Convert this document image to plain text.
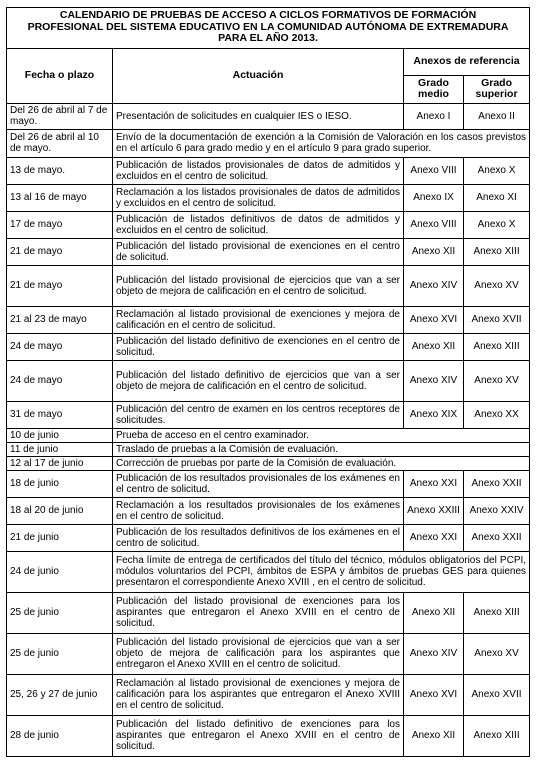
CALENDARIO DE PRUEBAS DE ACCESO A CICLOS FORMATIVOS DE FORMACIÓN PROFESIONAL DEL SISTEMA EDUCATIVO EN LA COMUNIDAD AUTÓNOMA DE EXTREMADURA PARA EL AÑO 2013.			
Fecha o plazo	Actuación	Anexos de referencia	
		Grado medio	Grado superior
Del 26 de abril al 7 de mayo.	Presentación de solicitudes en cualquier IES o IESO.	Anexo I	Anexo II
Del 26 de abril al 10 de mayo.	Envío de la documentación de exención a la Comisión de Valoración en los casos previstos en el artículo 6 para grado medio y en el artículo 9 para grado superior.		
13 de mayo.	Publicación de listados provisionales de datos de admitidos y excluidos en el centro de solicitud.	Anexo VIII	Anexo X
13 al 16 de mayo	Reclamación a los listados provisionales de datos de admitidos y excluidos en el centro de solicitud.	Anexo IX	Anexo XI
17 de mayo	Publicación de listados definitivos de datos de admitidos y excluidos en el centro de solicitud.	Anexo VIII	Anexo X
21 de mayo	Publicación del listado provisional de exenciones en el centro de solicitud.	Anexo XII	Anexo XIII
21 de mayo	Publicación del listado provisional de ejercicios que van a ser objeto de mejora de calificación en el centro de solicitud.	Anexo XIV	Anexo XV
21 al 23 de mayo	Reclamación al listado provisional de exenciones y mejora de calificación en el centro de solicitud.	Anexo XVI	Anexo XVII
24 de mayo	Publicación del listado definitivo de exenciones en el centro de solicitud.	Anexo XII	Anexo XIII
24 de mayo	Publicación del listado definitivo de ejercicios que van a ser objeto de mejora de calificación en el centro de solicitud.	Anexo XIV	Anexo XV
31 de mayo	Publicación del centro de examen en los centros receptores de solicitudes.	Anexo XIX	Anexo XX
10 de junio	Prueba de acceso en el centro examinador.		
11 de junio	Traslado de pruebas a la Comisión de evaluación.		
12 al 17 de junio	Corrección de pruebas por parte de la Comisión de evaluación.		
18 de junio	Publicación de los resultados provisionales de los exámenes en el centro de solicitud.	Anexo XXI	Anexo XXII
18 al 20 de junio	Reclamación a los resultados provisionales de los exámenes en el centro de solicitud.	Anexo XXIII	Anexo XXIV
21 de junio	Publicación de los resultados definitivos de los exámenes en el centro de solicitud.	Anexo XXI	Anexo XXII
24 de junio	Fecha límite de entrega de certificados del título del técnico, módulos obligatorios del PCPI, módulos voluntarios del PCPI, ámbitos de ESPA y ámbitos de pruebas GES para quienes presentaron el correspondiente Anexo XVIII , en el centro de solicitud.		
25 de junio	Publicación del listado provisional de exenciones para los aspirantes que entregaron el Anexo XVIII en el centro de solicitud.	Anexo XII	Anexo XIII
25 de junio	Publicación del listado provisional de ejercicios que van a ser objeto de mejora de calificación para los aspirantes que entregaron el Anexo XVIII en el centro de solicitud.	Anexo XIV	Anexo XV
25, 26 y 27 de junio	Reclamación al listado provisional de exenciones y mejora de calificación para los aspirantes que entregaron el Anexo XVIII en el centro de solicitud.	Anexo XVI	Anexo XVII
28 de junio	Publicación del listado definitivo de exenciones para los aspirantes que entregaron el Anexo XVIII en el centro de solicitud.	Anexo XII	Anexo XIII
